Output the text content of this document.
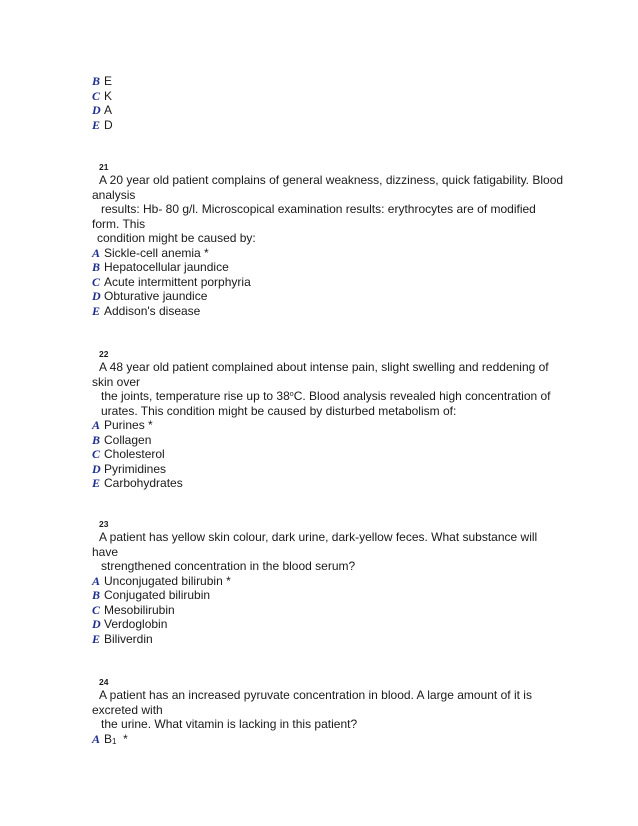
B E
C K
D A
E D
21
A 20 year old patient complains of general weakness, dizziness, quick fatigability. Blood
analysis
results: Hb- 80 g/l. Microscopical examination results: erythrocytes are of modified
form. This
condition might be caused by:
A Sickle-cell anemia *
B Hepatocellular jaundice
C Acute intermittent porphyria
D Obturative jaundice
E Addison's disease
22
A 48 year old patient complained about intense pain, slight swelling and reddening of
skin over
the joints, temperature rise up to 38$^o$C. Blood analysis revealed high concentration of
urates. This condition might be caused by disturbed metabolism of:
A Purines *
B Collagen
C Cholesterol
D Pyrimidines
E Carbohydrates
23
A patient has yellow skin colour, dark urine, dark-yellow feces. What substance will
have
strengthened concentration in the blood serum?
A Unconjugated bilirubin *
B Conjugated bilirubin
C Mesobilirubin
D Verdoglobin
E Biliverdin
24
A patient has an increased pyruvate concentration in blood. A large amount of it is
excreted with
the urine. What vitamin is lacking in this patient?
A B1 *
